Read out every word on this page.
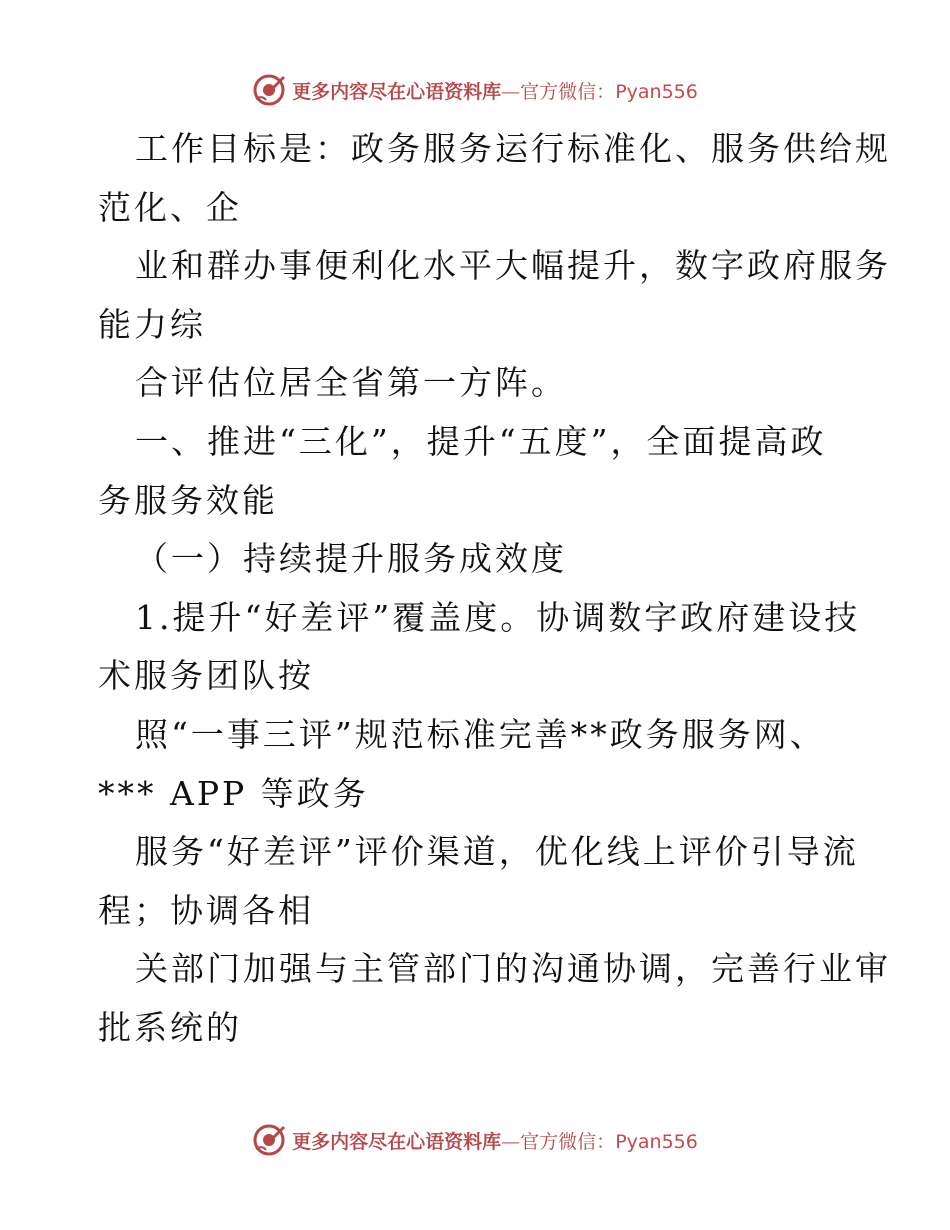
更多内容尽在心语资料库—官方微信：Pyan556
工作目标是：政务服务运行标准化、服务供给规
范化、企
业和群办事便利化水平大幅提升，数字政府服务
能力综
合评估位居全省第一方阵。
一、推进“三化”，提升“五度”，全面提高政
务服务效能
（一）持续提升服务成效度
1.提升“好差评”覆盖度。协调数字政府建设技
术服务团队按
照“一事三评”规范标准完善**政务服务网、
*** APP 等政务
服务“好差评”评价渠道，优化线上评价引导流
程；协调各相
关部门加强与主管部门的沟通协调，完善行业审
批系统的
更多内容尽在心语资料库—官方微信：Pyan556
